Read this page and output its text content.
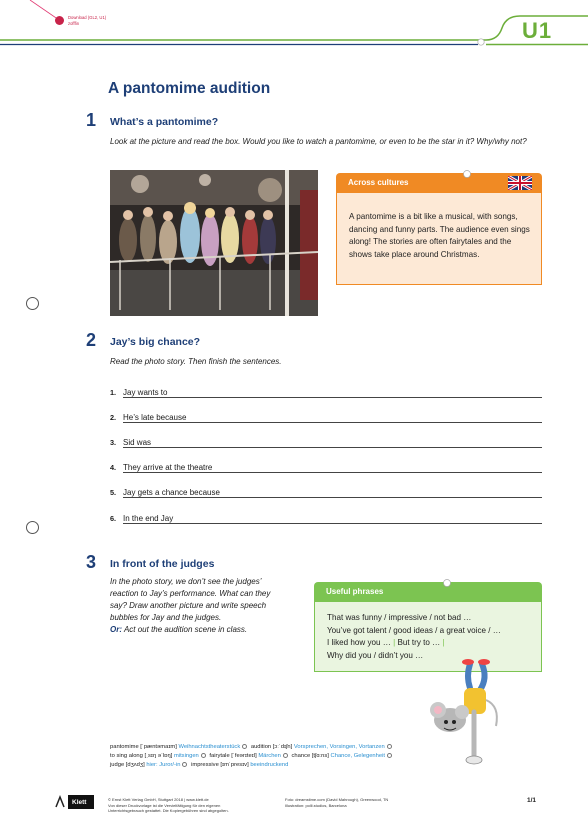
Download (GL2, U1)
zofffin	U1
A pantomime audition
1 What’s a pantomime?
Look at the picture and read the box. Would you like to watch a pantomime, or even to be the star in it? Why/why not?
Across cultures
A pantomime is a bit like a musical, with songs, dancing and funny parts. The audience even sings along! The stories are often fairytales and the shows take place around Christmas.
2 Jay’s big chance?
Read the photo story. Then finish the sentences.
1. Jay wants to
2. He’s late because
3. Sid was
4. They arrive at the theatre
5. Jay gets a chance because
6. In the end Jay
3 In front of the judges
In the photo story, we don’t see the judges’
reaction to Jay’s performance. What can they
say? Draw another picture and write speech
bubbles for Jay and the judges.
Or: Act out the audition scene in class.
Useful phrases
That was funny / impressive / not bad …
You’ve got talent / good ideas / a great voice / …
I liked how you … | But try to … |
Why did you / didn’t you …
pantomime [ˈpæntəmaɪm] Weihnachtstheaterstück audition [ɔːˈdɪʃn] Vorsprechen, Vorsingen, Vortanzen
to sing along [ˌsɪŋ əˈlɒŋ] mitsingen fairytale [ˈfeərɪteɪl] Märchen chance [tʃɑːns] Chance, Gelegenheit
judge [dʒʌdʒ] hier: Juror/-in impressive [ɪmˈpresɪv] beeindruckend
Klett	© Ernst Klett Verlag GmbH, Stuttgart 2018 | www.klett.de
Von dieser Druckvorlage ist die Vervielfältigung für den eigenen
Unterrichtsgebrauch gestattet. Die Kopiergebühren sind abgegolten.
Foto: dreamstime.com (David Mahrough), Greenwood, TN
Illustration: polli.studios, Barcelona
1/1
